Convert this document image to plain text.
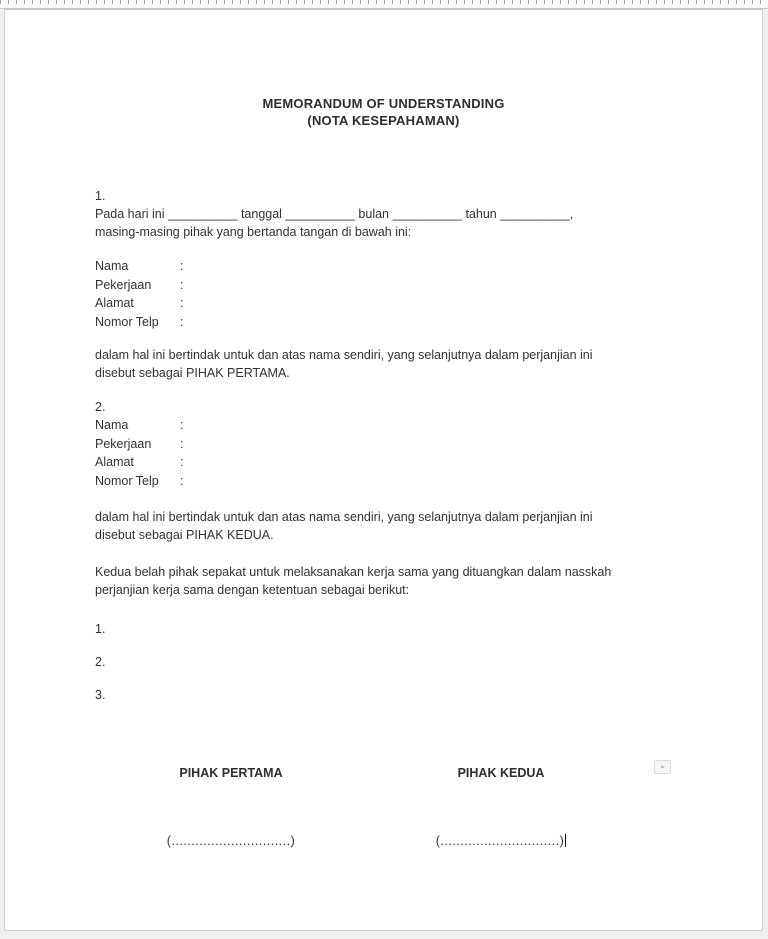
MEMORANDUM OF UNDERSTANDING
(NOTA KESEPAHAMAN)
1.
Pada hari ini __________ tanggal __________ bulan __________ tahun __________,
masing-masing pihak yang bertanda tangan di bawah ini:
Nama	:
Pekerjaan	:
Alamat	:
Nomor Telp	:
dalam hal ini bertindak untuk dan atas nama sendiri, yang selanjutnya dalam perjanjian ini
disebut sebagai PIHAK PERTAMA.
2.
Nama	:
Pekerjaan	:
Alamat	:
Nomor Telp	:
dalam hal ini bertindak untuk dan atas nama sendiri, yang selanjutnya dalam perjanjian ini
disebut sebagai PIHAK KEDUA.
Kedua belah pihak sepakat untuk melaksanakan kerja sama yang dituangkan dalam nasskah
perjanjian kerja sama dengan ketentuan sebagai berikut:
1.
2.
3.
PIHAK PERTAMA	PIHAK KEDUA
(..............................)	(..............................)
⌄
